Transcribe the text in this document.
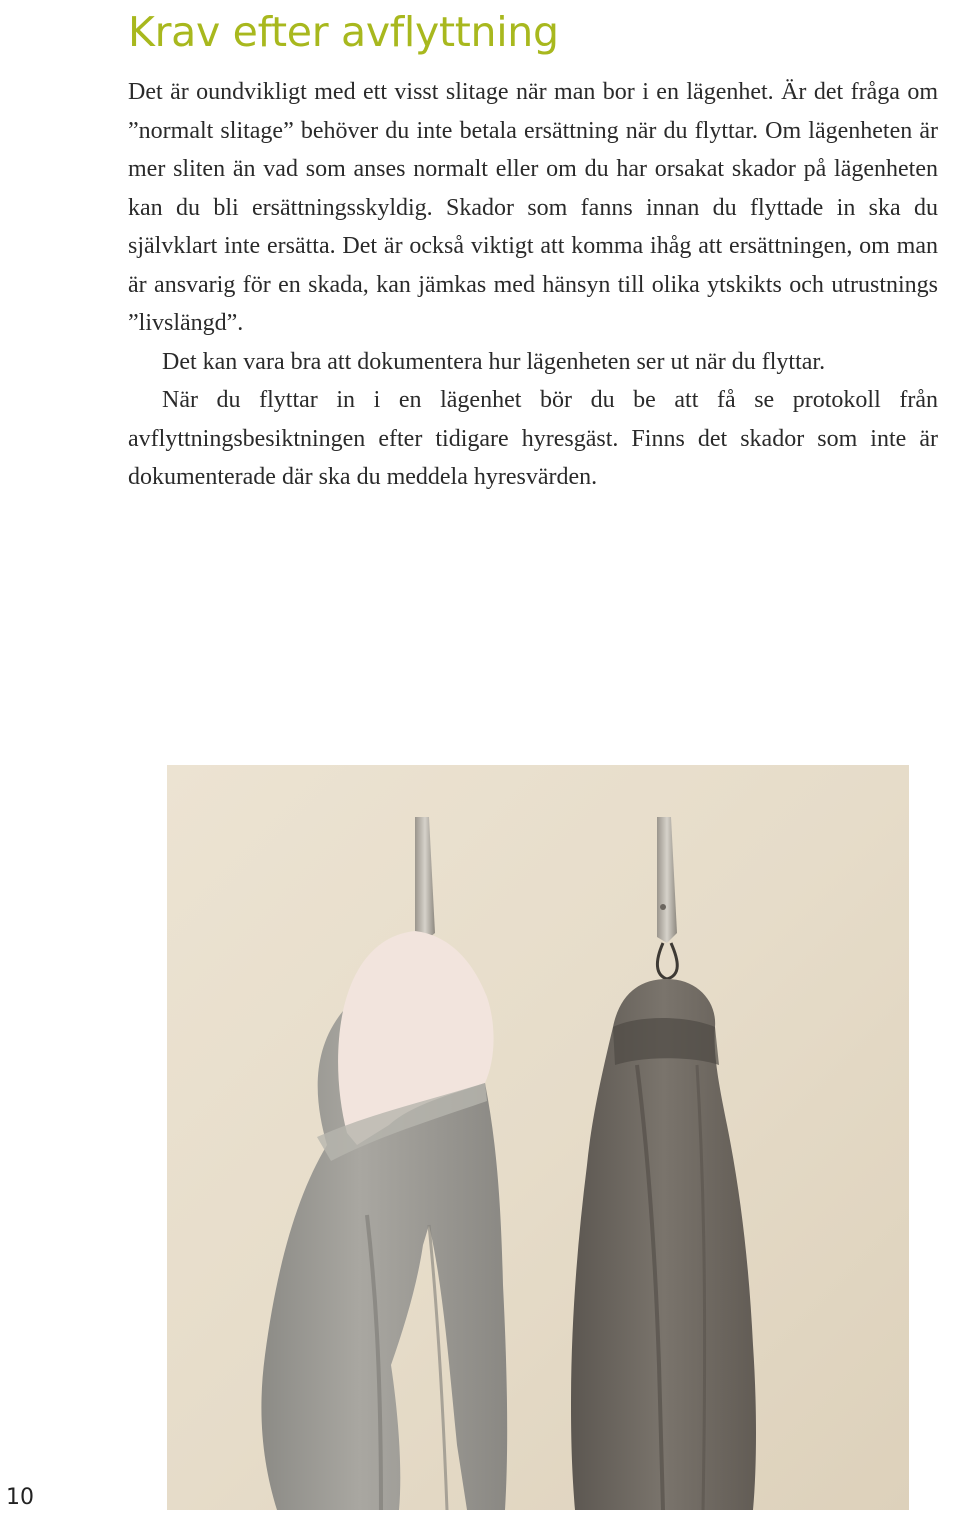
Krav efter avflyttning

Det är oundvikligt med ett visst slitage när man bor i en lägenhet. Är det fråga om ”normalt slitage” behöver du inte betala ersättning när du flyttar. Om lägenheten är mer sliten än vad som anses normalt eller om du har orsakat skador på lägenheten kan du bli ersättningsskyldig. Skador som fanns innan du flyttade in ska du självklart inte ersätta. Det är också viktigt att komma ihåg att ersättningen, om man är ansvarig för en skada, kan jämkas med hänsyn till olika ytskikts och utrustnings ”livslängd”.

Det kan vara bra att dokumentera hur lägenheten ser ut när du flyttar.

När du flyttar in i en lägenhet bör du be att få se protokoll från avflyttningsbesiktningen efter tidigare hyresgäst. Finns det skador som inte är dokumenterade där ska du meddela hyresvärden.

10
